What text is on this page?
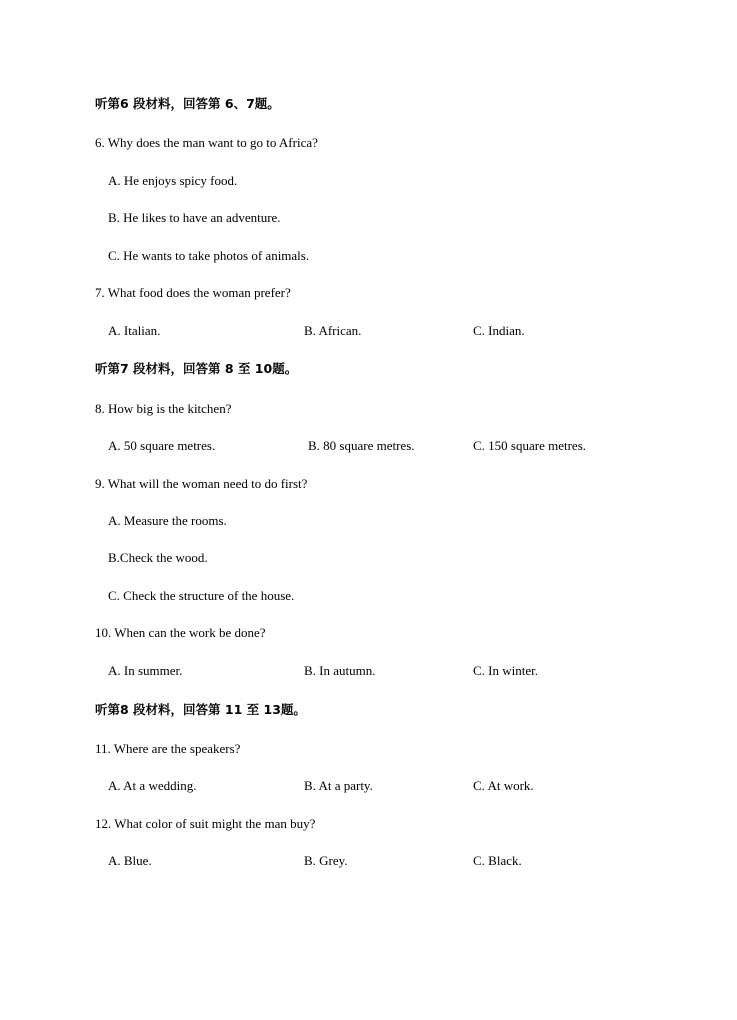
听第6 段材料，回答第 6、7题。
6. Why does the man want to go to Africa?
A. He enjoys spicy food.
B. He likes to have an adventure.
C. He wants to take photos of animals.
7. What food does the woman prefer?
A. Italian.	B. African.	C. Indian.
听第7 段材料，回答第 8 至 10题。
8. How big is the kitchen?
A. 50 square metres.	B. 80 square metres.	C. 150 square metres.
9. What will the woman need to do first?
A. Measure the rooms.
B.Check the wood.
C. Check the structure of the house.
10. When can the work be done?
A. In summer.	B. In autumn.	C. In winter.
听第8 段材料，回答第 11 至 13题。
11. Where are the speakers?
A. At a wedding.	B. At a party.	C. At work.
12. What color of suit might the man buy?
A. Blue.	B. Grey.	C. Black.
